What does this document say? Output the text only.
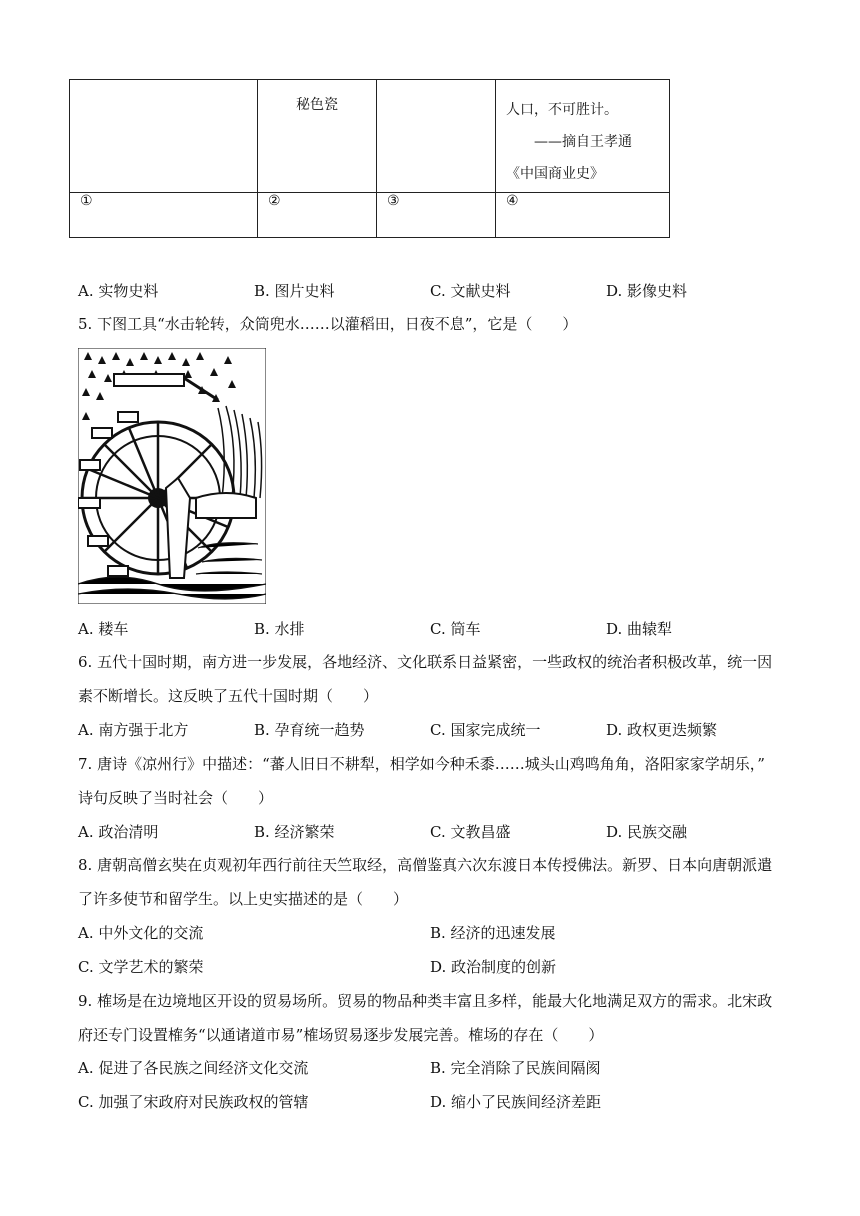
	秘色瓷		人口，不可胜计。
——摘自王孝通
《中国商业史》

①	②	③	④
A. 实物史料	B. 图片史料	C. 文献史料	D. 影像史料
5. 下图工具“水击轮转，众筒兜水……以灌稻田，日夜不息”，它是（　　）
A. 耧车	B. 水排	C. 筒车	D. 曲辕犁
6. 五代十国时期，南方进一步发展，各地经济、文化联系日益紧密，一些政权的统治者积极改革，统一因
素不断增长。这反映了五代十国时期（　　）
A. 南方强于北方	B. 孕育统一趋势	C. 国家完成统一	D. 政权更迭频繁
7. 唐诗《凉州行》中描述：“蕃人旧日不耕犁，相学如今种禾黍……城头山鸡鸣角角，洛阳家家学胡乐，”
诗句反映了当时社会（　　）
A. 政治清明	B. 经济繁荣	C. 文教昌盛	D. 民族交融
8. 唐朝高僧玄奘在贞观初年西行前往天竺取经，高僧鉴真六次东渡日本传授佛法。新罗、日本向唐朝派遣
了许多使节和留学生。以上史实描述的是（　　）
A. 中外文化的交流	B. 经济的迅速发展
C. 文学艺术的繁荣	D. 政治制度的创新
9. 榷场是在边境地区开设的贸易场所。贸易的物品种类丰富且多样，能最大化地满足双方的需求。北宋政
府还专门设置榷务“以通诸道市易”榷场贸易逐步发展完善。榷场的存在（　　）
A. 促进了各民族之间经济文化交流	B. 完全消除了民族间隔阂
C. 加强了宋政府对民族政权的管辖	D. 缩小了民族间经济差距
